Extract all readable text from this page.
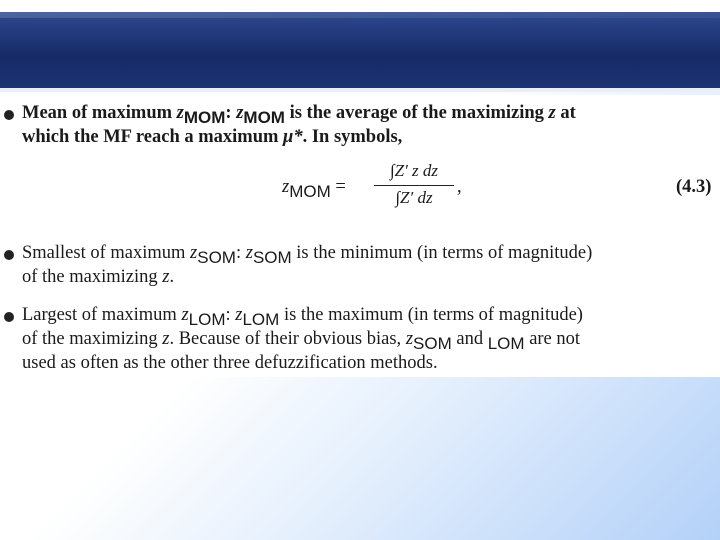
Mean of maximum zMOM: zMOM is the average of the maximizing z at
which the MF reach a maximum μ*. In symbols,
zMOM =
∫Z′ z dz
∫Z′ dz
,	(4.3)
Smallest of maximum zSOM: zSOM is the minimum (in terms of magnitude)
of the maximizing z.
Largest of maximum zLOM: zLOM is the maximum (in terms of magnitude)
of the maximizing z. Because of their obvious bias, zSOM and LOM are not
used as often as the other three defuzzification methods.
